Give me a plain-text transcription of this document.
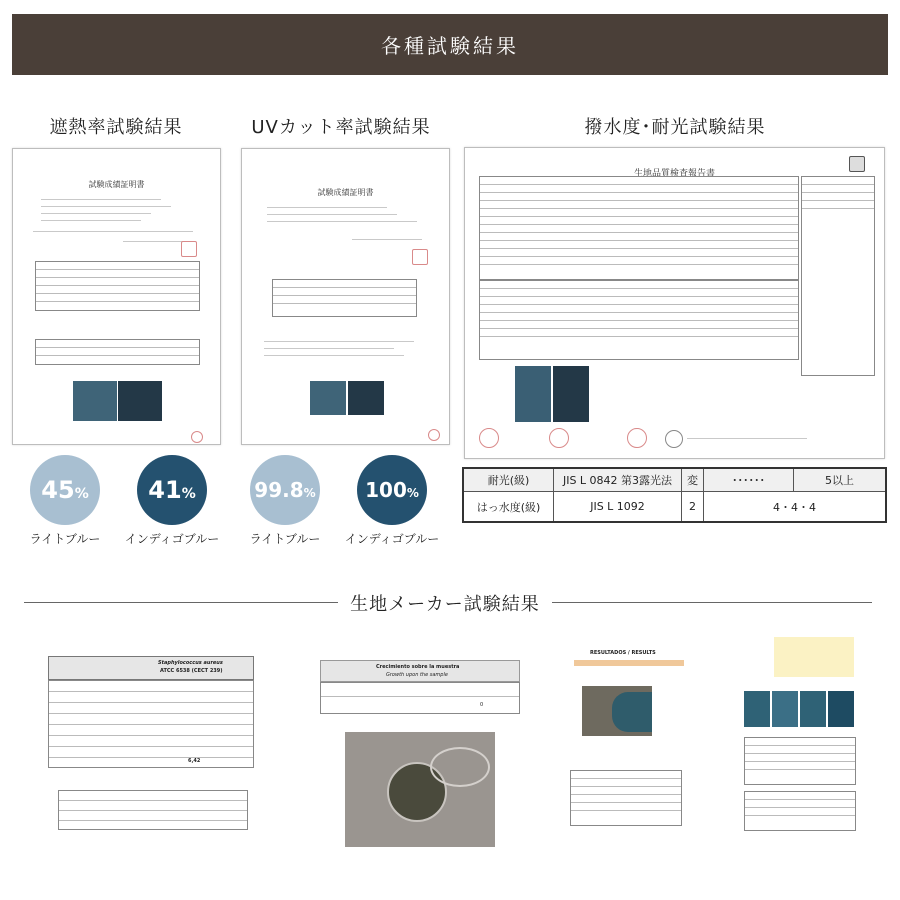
各種試験結果
遮熱率試験結果	UVカット率試験結果	撥水度･耐光試験結果
試験成績証明書
試験成績証明書
生地品質検査報告書
45 % 41 %	99.8 % 100 %
ライトブルー	インディゴブルー	ライトブルー	インディゴブルー
耐光(級)	JIS L 0842 第3露光法	変	･･････	5以上
はっ水度(級)	JIS L 1092	2	4・4・4
生地メーカー試験結果
Staphylococcus aureus
ATCC 6538 (CECT 239)
6,42
Crecimiento sobre la muestra
Growth upon the sample
0
RESULTADOS / RESULTS
